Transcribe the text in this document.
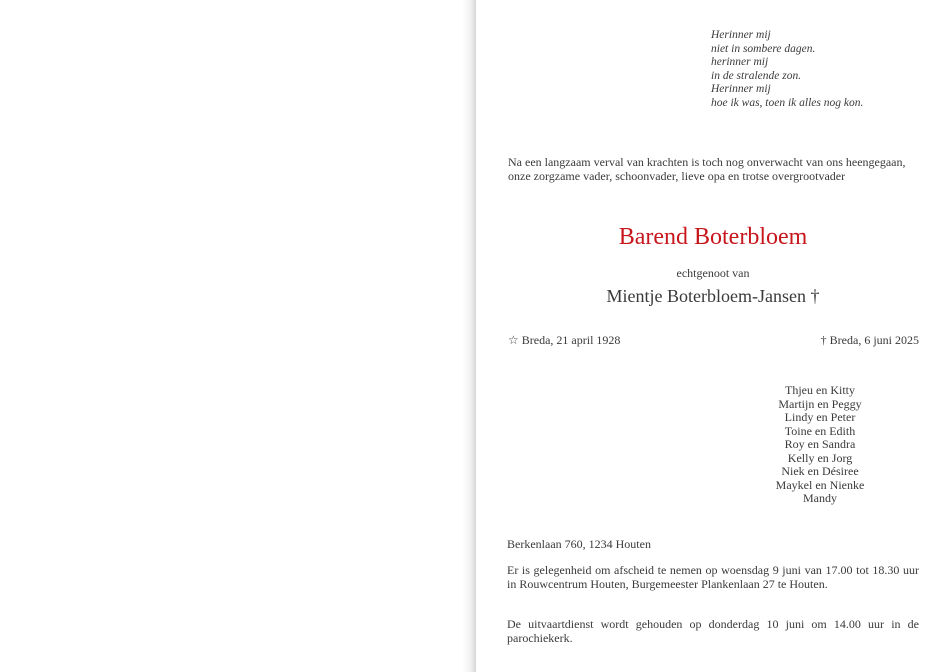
Herinner mij
niet in sombere dagen.
herinner mij
in de stralende zon.
Herinner mij
hoe ik was, toen ik alles nog kon.
Na een langzaam verval van krachten is toch nog onverwacht van ons heengegaan, onze zorgzame vader, schoonvader, lieve opa en trotse overgrootvader
Barend Boterbloem
echtgenoot van
Mientje Boterbloem-Jansen †
☆ Breda, 21 april 1928	† Breda, 6 juni 2025
Thjeu en Kitty
Martijn en Peggy
Lindy en Peter
Toine en Edith
Roy en Sandra
Kelly en Jorg
Niek en Désiree
Maykel en Nienke
Mandy
Berkenlaan 760, 1234 Houten
Er is gelegenheid om afscheid te nemen op woensdag 9 juni van 17.00 tot 18.30 uur in Rouwcentrum Houten, Burgemeester Plankenlaan 27 te Houten.
De uitvaartdienst wordt gehouden op donderdag 10 juni om 14.00 uur in de parochiekerk.
